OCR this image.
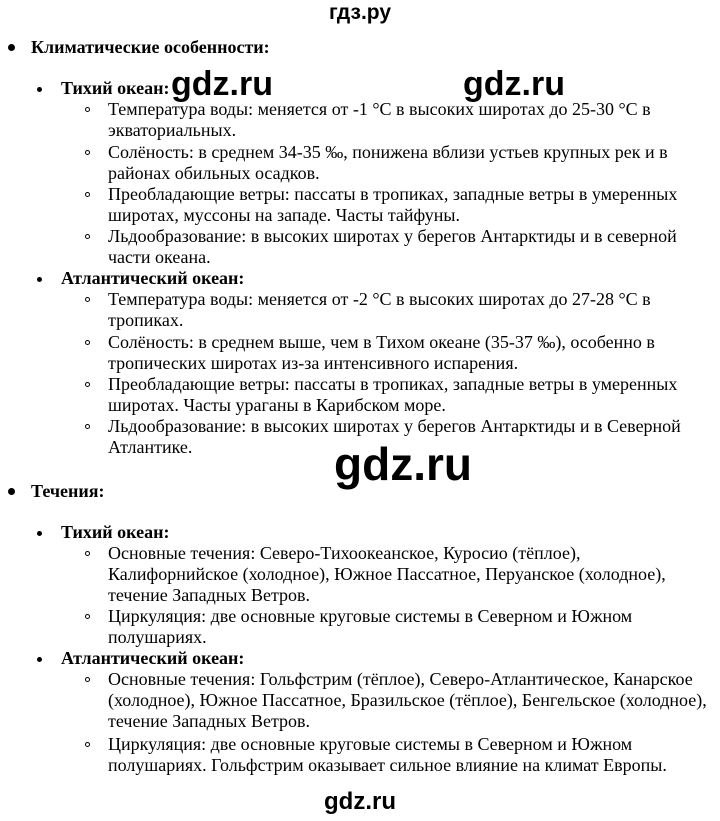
гдз.ру
gdz.ru	gdz.ru
gdz.ru
gdz.ru
Климатические особенности:
Тихий океан:
Температура воды: меняется от -1 °C в высоких широтах до 25-30 °C в экваториальных.
Солёность: в среднем 34-35 ‰, понижена вблизи устьев крупных рек и в районах обильных осадков.
Преобладающие ветры: пассаты в тропиках, западные ветры в умеренных широтах, муссоны на западе. Часты тайфуны.
Льдообразование: в высоких широтах у берегов Антарктиды и в северной части океана.
Атлантический океан:
Температура воды: меняется от -2 °C в высоких широтах до 27-28 °C в тропиках.
Солёность: в среднем выше, чем в Тихом океане (35-37 ‰), особенно в тропических широтах из-за интенсивного испарения.
Преобладающие ветры: пассаты в тропиках, западные ветры в умеренных широтах. Часты ураганы в Карибском море.
Льдообразование: в высоких широтах у берегов Антарктиды и в Северной Атлантике.
Течения:
Тихий океан:
Основные течения: Северо-Тихоокеанское, Куросио (тёплое), Калифорнийское (холодное), Южное Пассатное, Перуанское (холодное), течение Западных Ветров.
Циркуляция: две основные круговые системы в Северном и Южном полушариях.
Атлантический океан:
Основные течения: Гольфстрим (тёплое), Северо-Атлантическое, Канарское (холодное), Южное Пассатное, Бразильское (тёплое), Бенгельское (холодное), течение Западных Ветров.
Циркуляция: две основные круговые системы в Северном и Южном полушариях. Гольфстрим оказывает сильное влияние на климат Европы.
